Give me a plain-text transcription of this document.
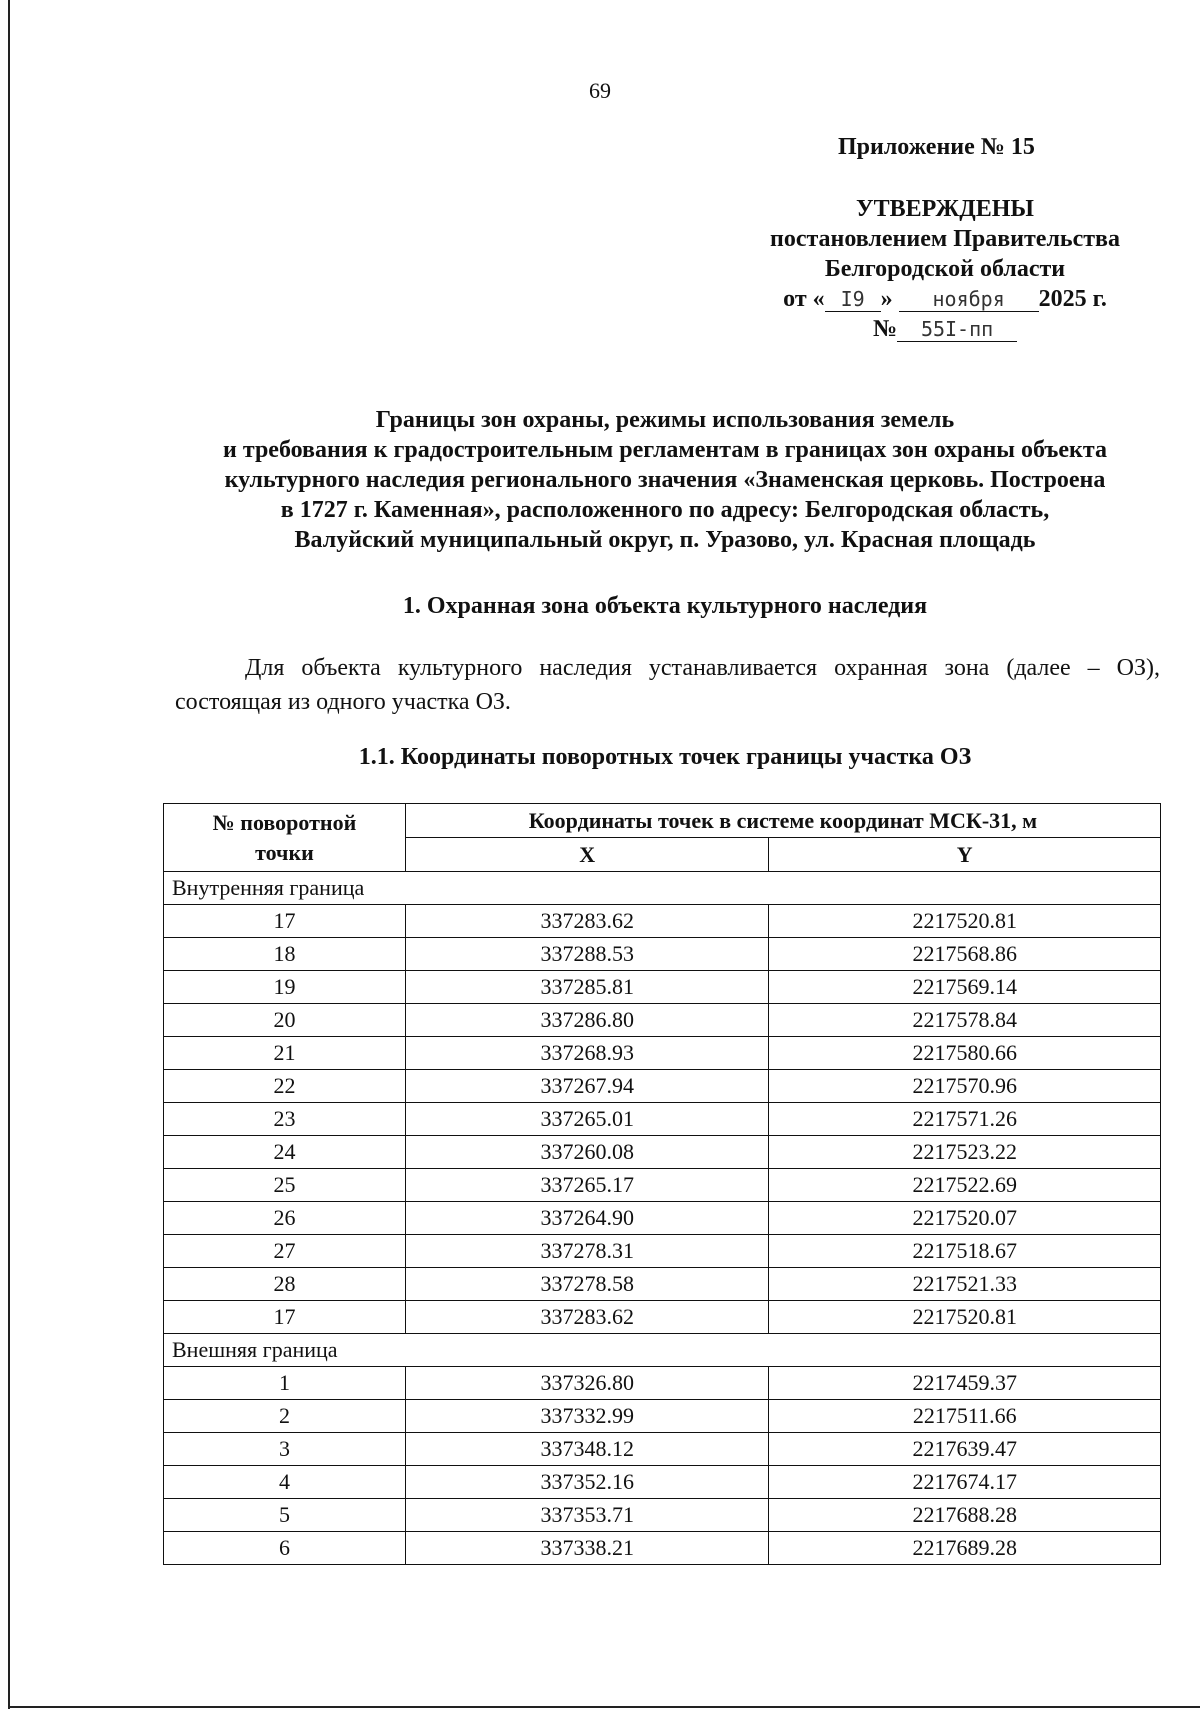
69
Приложение № 15
УТВЕРЖДЕНЫ
постановлением Правительства
Белгородской области
от « I9 » ноября 2025 г.
№ 55I-пп
Границы зон охраны, режимы использования земель
и требования к градостроительным регламентам в границах зон охраны объекта
культурного наследия регионального значения «Знаменская церковь. Построена
в 1727 г. Каменная», расположенного по адресу: Белгородская область,
Валуйский муниципальный округ, п. Уразово, ул. Красная площадь
1. Охранная зона объекта культурного наследия
Для объекта культурного наследия устанавливается охранная зона (далее – ОЗ), состоящая из одного участка ОЗ.
1.1. Координаты поворотных точек границы участка ОЗ
№ поворотной точки	Координаты точек в системе координат МСК-31, м	
	X	Y
Внутренняя граница		
17	337283.62	2217520.81
18	337288.53	2217568.86
19	337285.81	2217569.14
20	337286.80	2217578.84
21	337268.93	2217580.66
22	337267.94	2217570.96
23	337265.01	2217571.26
24	337260.08	2217523.22
25	337265.17	2217522.69
26	337264.90	2217520.07
27	337278.31	2217518.67
28	337278.58	2217521.33
17	337283.62	2217520.81
Внешняя граница		
1	337326.80	2217459.37
2	337332.99	2217511.66
3	337348.12	2217639.47
4	337352.16	2217674.17
5	337353.71	2217688.28
6	337338.21	2217689.28
